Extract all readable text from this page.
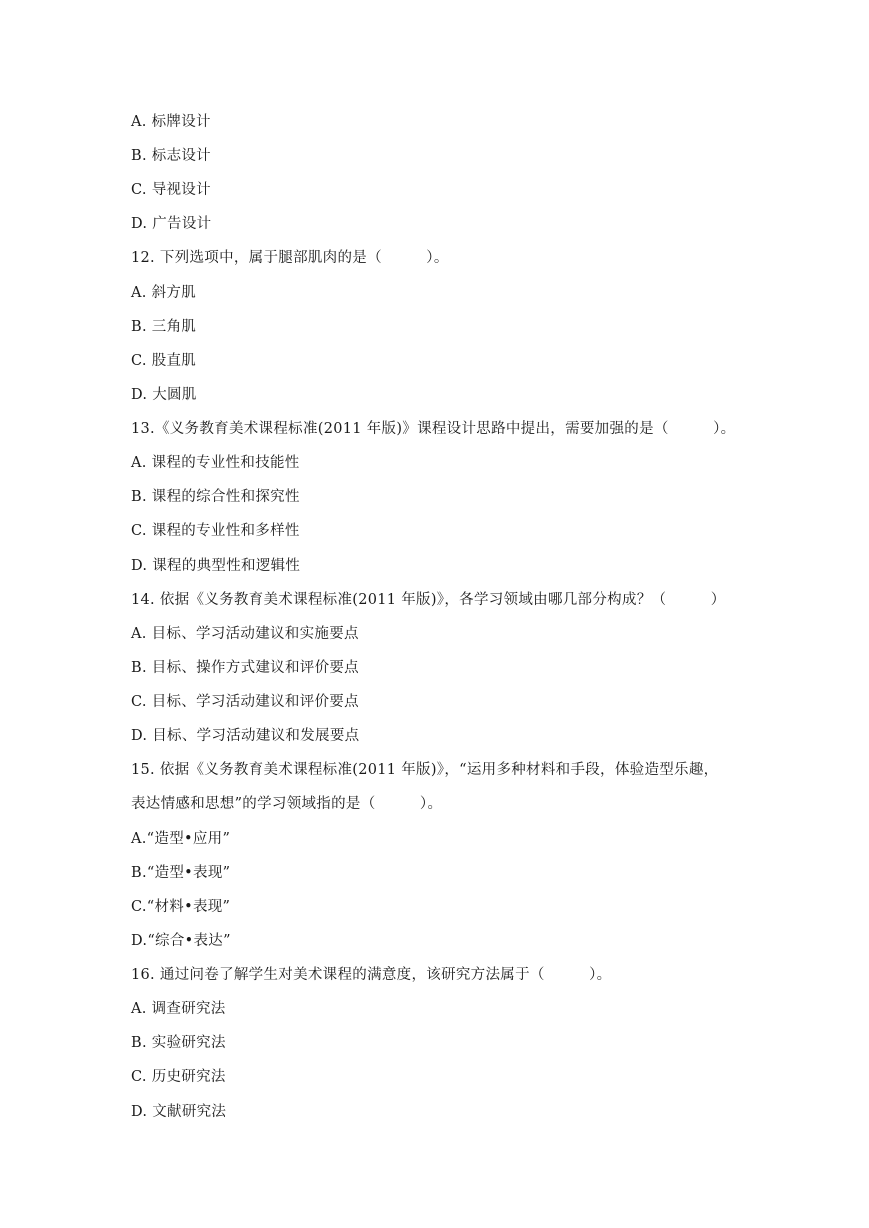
A. 标牌设计
B. 标志设计
C. 导视设计
D. 广告设计
12. 下列选项中，属于腿部肌肉的是（　　　）。
A. 斜方肌
B. 三角肌
C. 股直肌
D. 大圆肌
13.《义务教育美术课程标准(2011 年版)》课程设计思路中提出，需要加强的是（　　　）。
A. 课程的专业性和技能性
B. 课程的综合性和探究性
C. 课程的专业性和多样性
D. 课程的典型性和逻辑性
14. 依据《义务教育美术课程标准(2011 年版)》，各学习领域由哪几部分构成？（　　　）
A. 目标、学习活动建议和实施要点
B. 目标、操作方式建议和评价要点
C. 目标、学习活动建议和评价要点
D. 目标、学习活动建议和发展要点
15. 依据《义务教育美术课程标准(2011 年版)》，“运用多种材料和手段，体验造型乐趣，
表达情感和思想”的学习领域指的是（　　　）。
A.“造型•应用”
B.“造型•表现”
C.“材料•表现”
D.“综合•表达”
16. 通过问卷了解学生对美术课程的满意度，该研究方法属于（　　　）。
A. 调查研究法
B. 实验研究法
C. 历史研究法
D. 文献研究法
